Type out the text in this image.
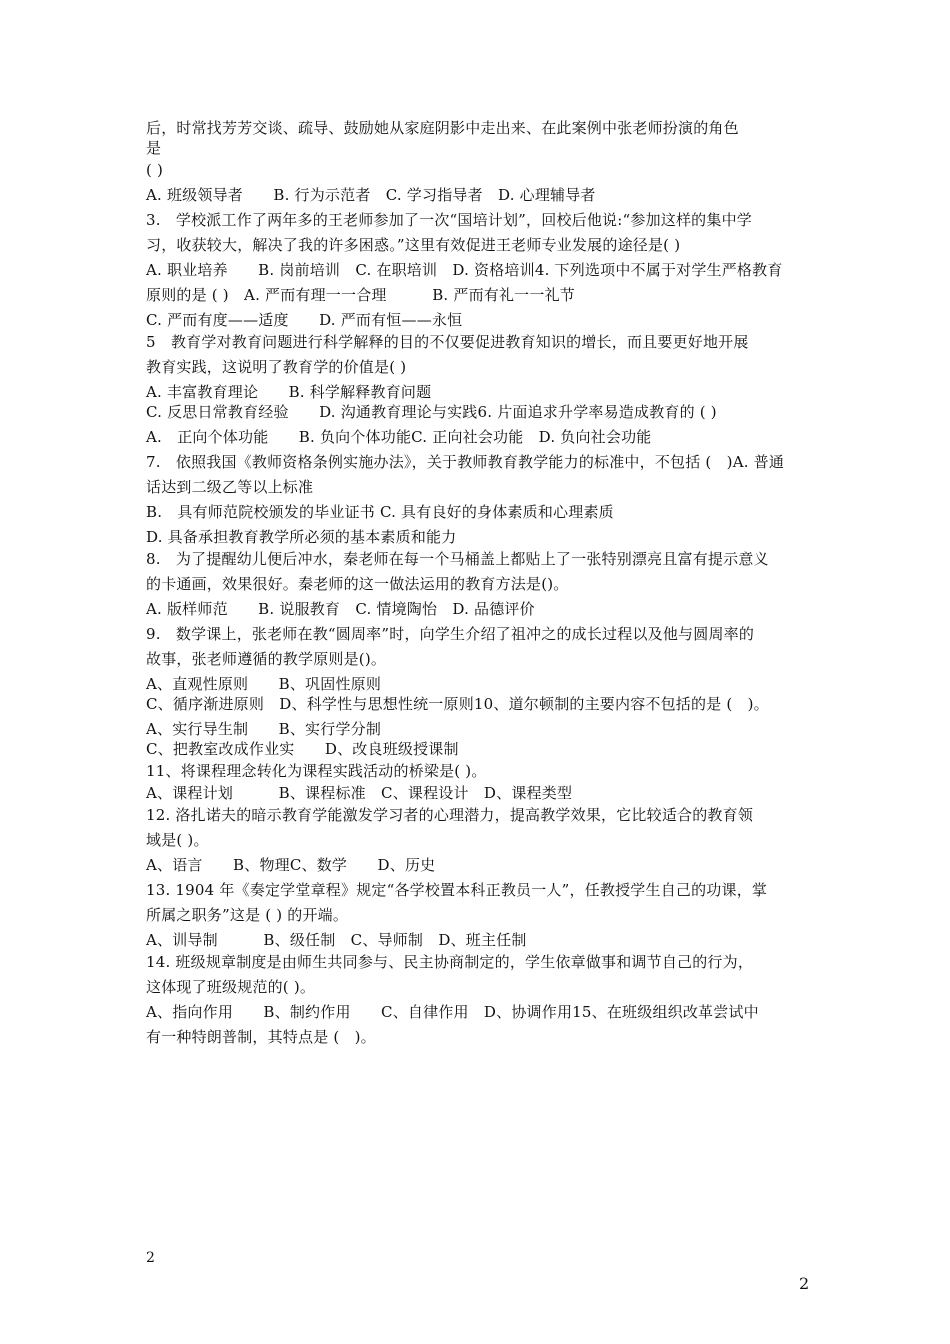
后，时常找芳芳交谈、疏导、鼓励她从家庭阴影中走出来、在此案例中张老师扮演的角色
是
( )
A. 班级领导者　　B. 行为示范者　C. 学习指导者　D. 心理辅导者
3.　学校派工作了两年多的王老师参加了一次“国培计划”，回校后他说:“参加这样的集中学
习，收获较大，解决了我的许多困惑。”这里有效促进王老师专业发展的途径是( )
A. 职业培养　　B. 岗前培训　C. 在职培训　D. 资格培训4. 下列选项中不属于对学生严格教育
原则的是 ( )　A. 严而有理一一合理　　　B. 严而有礼一一礼节
C. 严而有度——适度　　D. 严而有恒——永恒
5　教育学对教育问题进行科学解释的目的不仅要促进教育知识的增长，而且要更好地开展
教育实践，这说明了教育学的价值是( )
A. 丰富教育理论　　B. 科学解释教育问题
C. 反思日常教育经验　　D. 沟通教育理论与实践6. 片面追求升学率易造成教育的 ( )
A.　正向个体功能　　B. 负向个体功能C. 正向社会功能　D. 负向社会功能
7.　依照我国《教师资格条例实施办法》，关于教师教育教学能力的标准中，不包括 (　)A. 普通
话达到二级乙等以上标准
B.　具有师范院校颁发的毕业证书 C. 具有良好的身体素质和心理素质
D. 具备承担教育教学所必须的基本素质和能力
8.　为了提醒幼儿便后冲水，秦老师在每一个马桶盖上都贴上了一张特别漂亮且富有提示意义
的卡通画，效果很好。秦老师的这一做法运用的教育方法是()。
A. 版样师范　　B. 说服教育　C. 情境陶怡　D. 品德评价
9.　数学课上，张老师在教“圆周率”时，向学生介绍了祖冲之的成长过程以及他与圆周率的
故事，张老师遵循的教学原则是()。
A、直观性原则　　B、巩固性原则
C、循序渐进原则　D、科学性与思想性统一原则10、道尔顿制的主要内容不包括的是 (　)。
A、实行导生制　　B、实行学分制
C、把教室改成作业实　　D、改良班级授课制
11、将课程理念转化为课程实践活动的桥梁是( )。
A、课程计划　　　B、课程标准　C、课程设计　D、课程类型
12. 洛扎诺夫的暗示教育学能激发学习者的心理潜力，提高教学效果，它比较适合的教育领
域是( )。
A、语言　　B、物理C、数学　　D、历史
13. 1904 年《奏定学堂章程》规定“各学校置本科正教员一人”，任教授学生自己的功课，掌
所属之职务”这是 ( ) 的开端。
A、训导制　　　B、级任制　C、导师制　D、班主任制
14. 班级规章制度是由师生共同参与、民主协商制定的，学生依章做事和调节自己的行为，
这体现了班级规范的( )。
A、指向作用　　B、制约作用　　C、自律作用　D、协调作用15、在班级组织改革尝试中
有一种特朗普制，其特点是 (　)。
2
2
